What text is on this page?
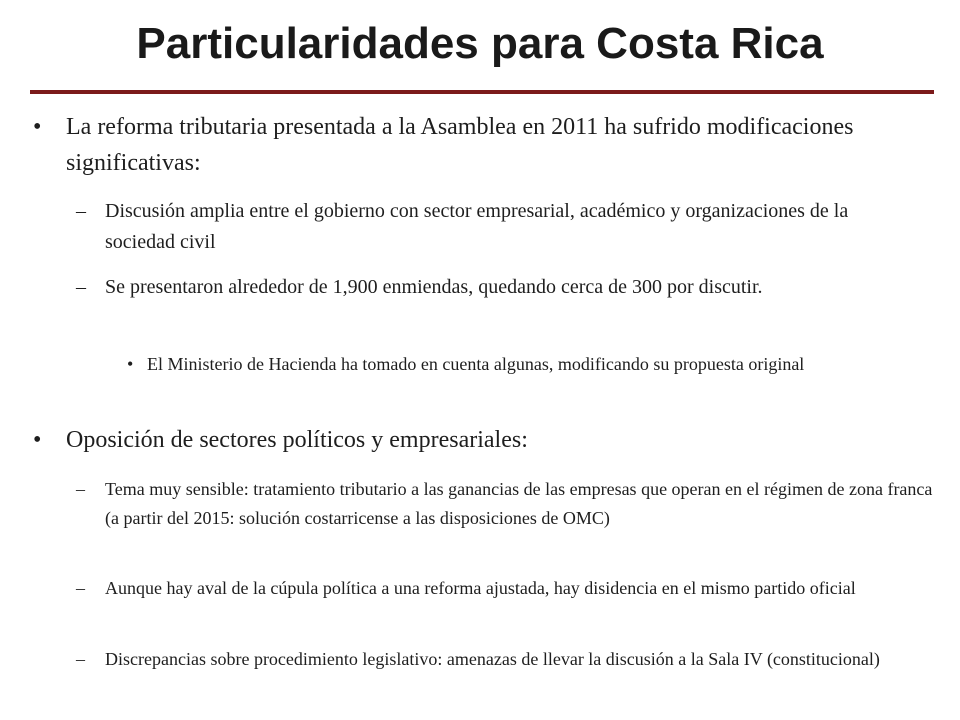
Particularidades para Costa Rica
• La reforma tributaria presentada a la Asamblea en 2011 ha sufrido modificaciones significativas:
– Discusión amplia entre el gobierno con sector empresarial, académico y organizaciones de la sociedad civil
– Se presentaron alrededor de 1,900 enmiendas, quedando cerca de 300 por discutir.
• El Ministerio de Hacienda ha tomado en cuenta algunas, modificando su propuesta original
• Oposición de sectores políticos y empresariales:
– Tema muy sensible: tratamiento tributario a las ganancias de las empresas que operan en el régimen de zona franca (a partir del 2015: solución costarricense a las disposiciones de OMC)
– Aunque hay aval de la cúpula política a una reforma ajustada, hay disidencia en el mismo partido oficial
– Discrepancias sobre procedimiento legislativo: amenazas de llevar la discusión a la Sala IV (constitucional)
